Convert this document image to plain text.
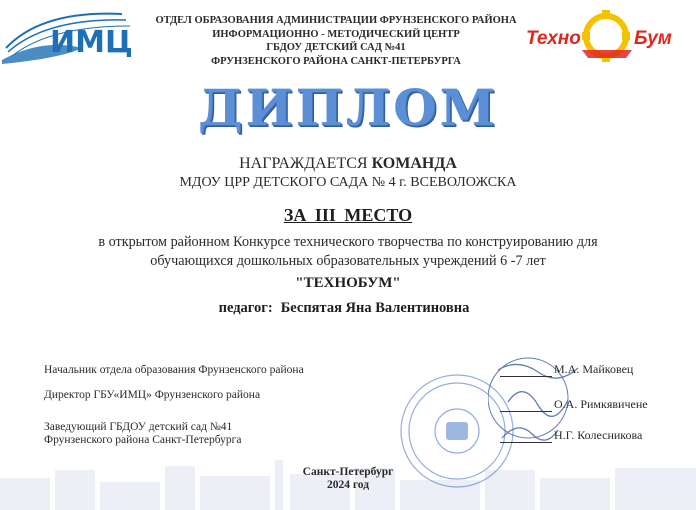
ИМЦ	Техно	Бум
ОТДЕЛ ОБРАЗОВАНИЯ АДМИНИСТРАЦИИ ФРУНЗЕНСКОГО РАЙОНА
ИНФОРМАЦИОННО - МЕТОДИЧЕСКИЙ ЦЕНТР
ГБДОУ ДЕТСКИЙ САД №41
ФРУНЗЕНСКОГО РАЙОНА САНКТ-ПЕТЕРБУРГА
ДИПЛОМ
НАГРАЖДАЕТСЯ КОМАНДА
МДОУ ЦРР ДЕТСКОГО САДА № 4 г. ВСЕВОЛОЖСКА
ЗА III МЕСТО
в открытом районном Конкурсе технического творчества по конструированию для
обучающихся дошкольных образовательных учреждений 6 -7 лет
"ТЕХНОБУМ"
педагог: Беспятая Яна Валентиновна
Начальник отдела образования Фрунзенского района
Директор ГБУ«ИМЦ» Фрунзенского района
Заведующий ГБДОУ детский сад №41
Фрунзенского района Санкт-Петербурга
М.А. Майковец
О.А. Римкявичене
Н.Г. Колесникова
Санкт-Петербург
2024 год
